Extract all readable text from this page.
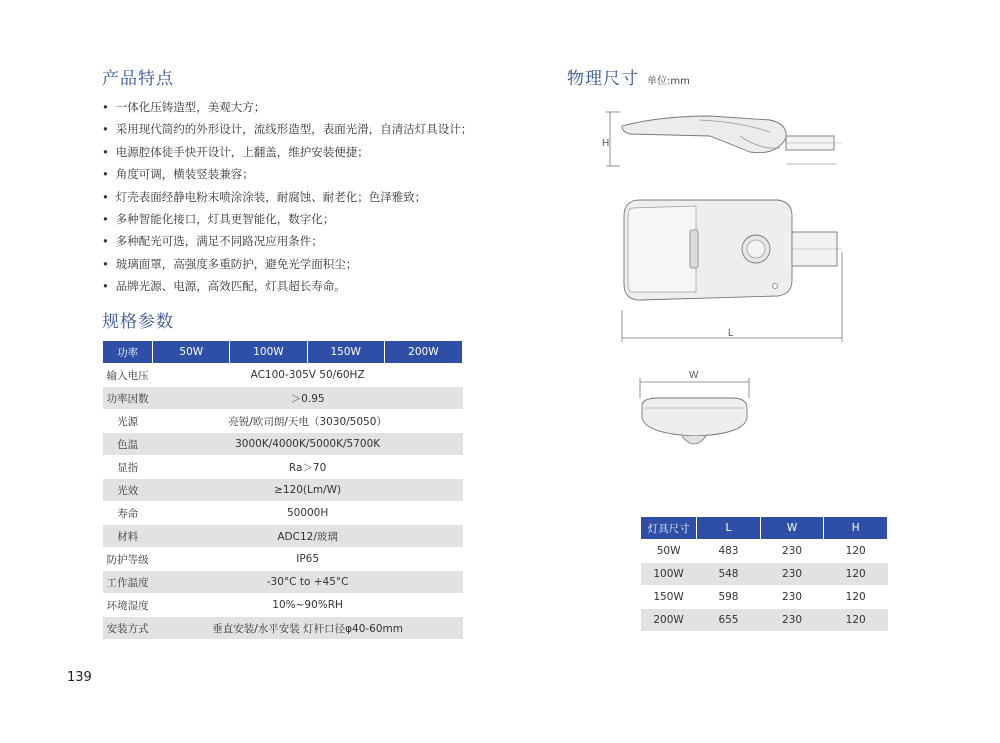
产品特点
• 一体化压铸造型，美观大方；
• 采用现代简约的外形设计，流线形造型，表面光滑，自清洁灯具设计；
• 电源腔体徒手快开设计，上翻盖，维护安装便捷；
• 角度可调，横装竖装兼容；
• 灯壳表面经静电粉末喷涂涂装，耐腐蚀、耐老化；色泽雅致；
• 多种智能化接口，灯具更智能化，数字化；
• 多种配光可选，满足不同路况应用条件；
• 玻璃面罩，高强度多重防护，避免光学面积尘；
• 品牌光源、电源，高效匹配，灯具超长寿命。
规格参数
功率	50W	100W	150W	200W
输入电压	AC100-305V 50/60HZ			
功率因数	＞0.95			
光源	亮锐/欧司朗/天电（3030/5050）			
色温	3000K/4000K/5000K/5700K			
显指	Ra＞70			
光效	≥120(Lm/W)			
寿命	50000H			
材料	ADC12/玻璃			
防护等级	IP65			
工作温度	-30°C to +45°C			
环境湿度	10%~90%RH			
安装方式	垂直安装/水平安装 灯杆口径φ40-60mm			
物理尺寸 单位:mm
H
L
W
灯具尺寸	L	W	H
50W	483	230	120
100W	548	230	120
150W	598	230	120
200W	655	230	120
139
